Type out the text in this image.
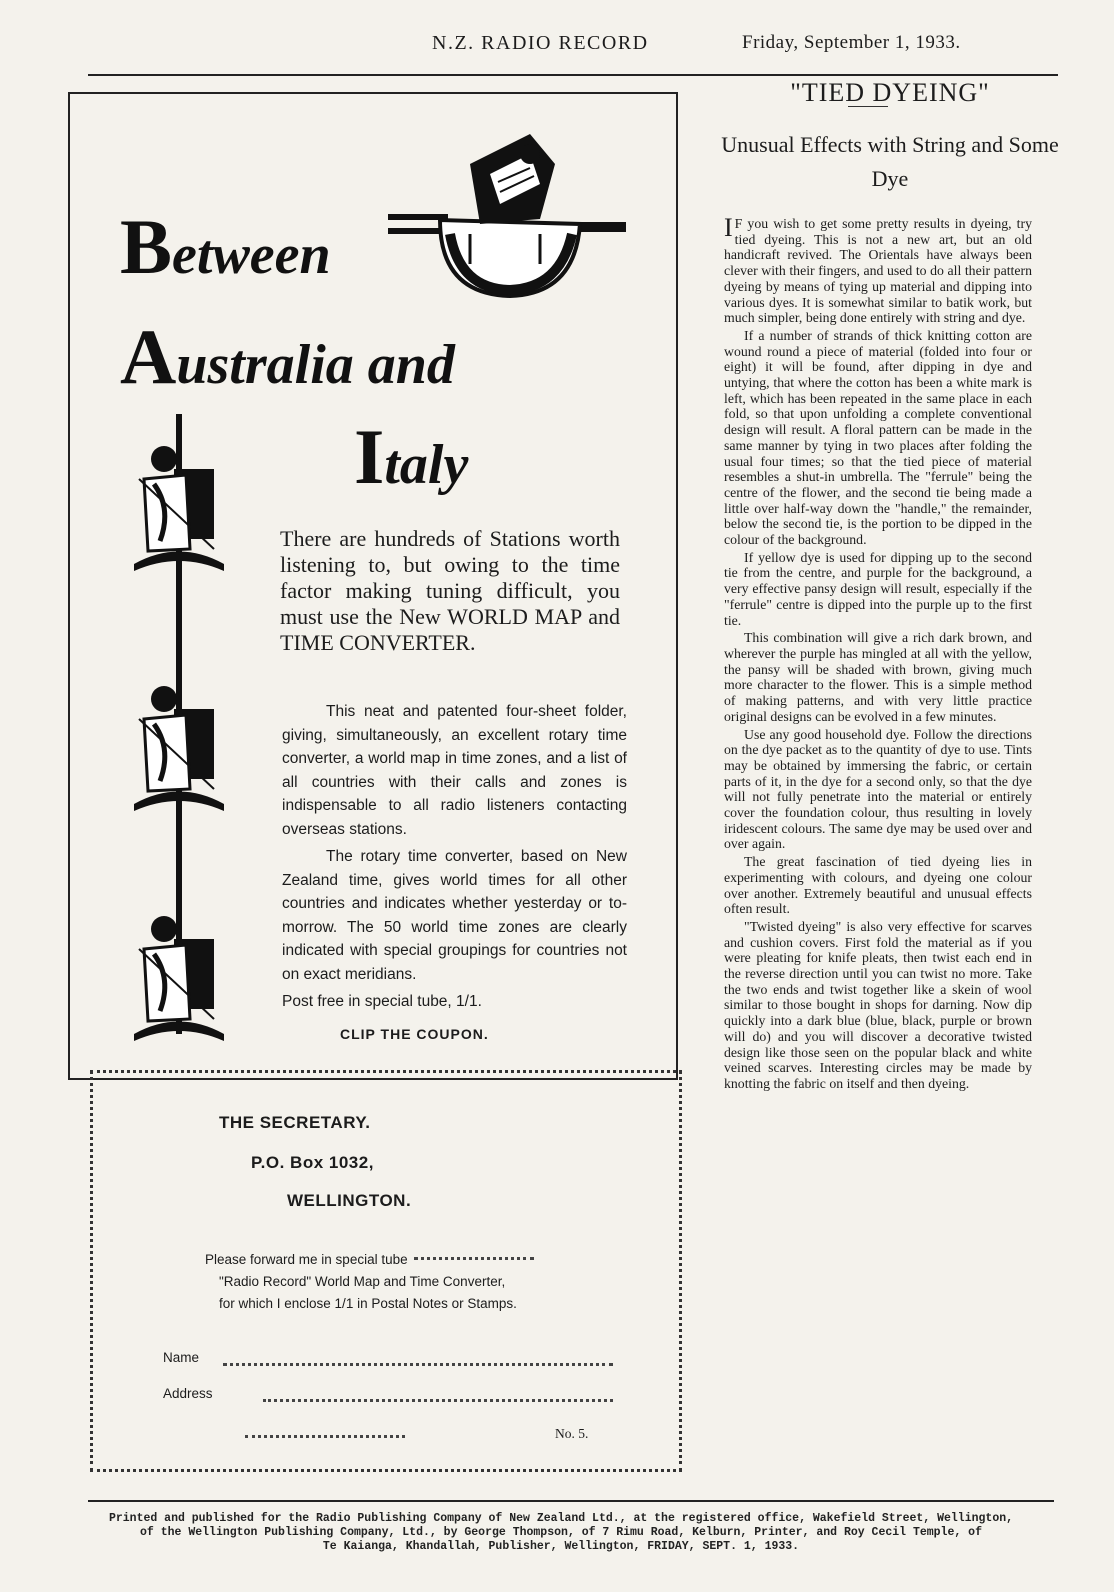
N.Z. RADIO RECORD	Friday, September 1, 1933.
Between
Australia and
Italy
There are hundreds of Stations worth listening to, but owing to the time factor making tuning difficult, you must use the New WORLD MAP and TIME CONVERTER.

This neat and patented four-sheet folder, giving, simultaneously, an excellent rotary time converter, a world map in time zones, and a list of all countries with their calls and zones is indispensable to all radio listeners contacting overseas stations.

The rotary time converter, based on New Zealand time, gives world times for all other countries and indicates whether yesterday or to-morrow. The 50 world time zones are clearly indicated with special groupings for countries not on exact meridians.

Post free in special tube, 1/1.

CLIP THE COUPON.
THE SECRETARY.
P.O. Box 1032,
WELLINGTON.
Please forward me in special tube
"Radio Record" World Map and Time Converter,
for which I enclose 1/1 in Postal Notes or Stamps.
Name
Address
No. 5.
"TIED DYEING"
Unusual Effects with String and Some Dye

I F you wish to get some pretty results in dyeing, try tied dyeing. This is not a new art, but an old handicraft revived. The Orientals have always been clever with their fingers, and used to do all their pattern dyeing by means of tying up material and dipping into various dyes. It is somewhat similar to batik work, but much simpler, being done entirely with string and dye.

If a number of strands of thick knitting cotton are wound round a piece of material (folded into four or eight) it will be found, after dipping in dye and untying, that where the cotton has been a white mark is left, which has been repeated in the same place in each fold, so that upon unfolding a complete conventional design will result. A floral pattern can be made in the same manner by tying in two places after folding the usual four times; so that the tied piece of material resembles a shut-in umbrella. The "ferrule" being the centre of the flower, and the second tie being made a little over half-way down the "handle," the remainder, below the second tie, is the portion to be dipped in the colour of the background.

If yellow dye is used for dipping up to the second tie from the centre, and purple for the background, a very effective pansy design will result, especially if the "ferrule" centre is dipped into the purple up to the first tie.

This combination will give a rich dark brown, and wherever the purple has mingled at all with the yellow, the pansy will be shaded with brown, giving much more character to the flower. This is a simple method of making patterns, and with very little practice original designs can be evolved in a few minutes.

Use any good household dye. Follow the directions on the dye packet as to the quantity of dye to use. Tints may be obtained by immersing the fabric, or certain parts of it, in the dye for a second only, so that the dye will not fully penetrate into the material or entirely cover the foundation colour, thus resulting in lovely iridescent colours. The same dye may be used over and over again.

The great fascination of tied dyeing lies in experimenting with colours, and dyeing one colour over another. Extremely beautiful and unusual effects often result.

"Twisted dyeing" is also very effective for scarves and cushion covers. First fold the material as if you were pleating for knife pleats, then twist each end in the reverse direction until you can twist no more. Take the two ends and twist together like a skein of wool similar to those bought in shops for darning. Now dip quickly into a dark blue (blue, black, purple or brown will do) and you will discover a decorative twisted design like those seen on the popular black and white veined scarves. Interesting circles may be made by knotting the fabric on itself and then dyeing.

Printed and published for the Radio Publishing Company of New Zealand Ltd., at the registered office, Wakefield Street, Wellington,
of the Wellington Publishing Company, Ltd., by George Thompson, of 7 Rimu Road, Kelburn, Printer, and Roy Cecil Temple, of
Te Kaianga, Khandallah, Publisher, Wellington, FRIDAY, SEPT. 1, 1933.
